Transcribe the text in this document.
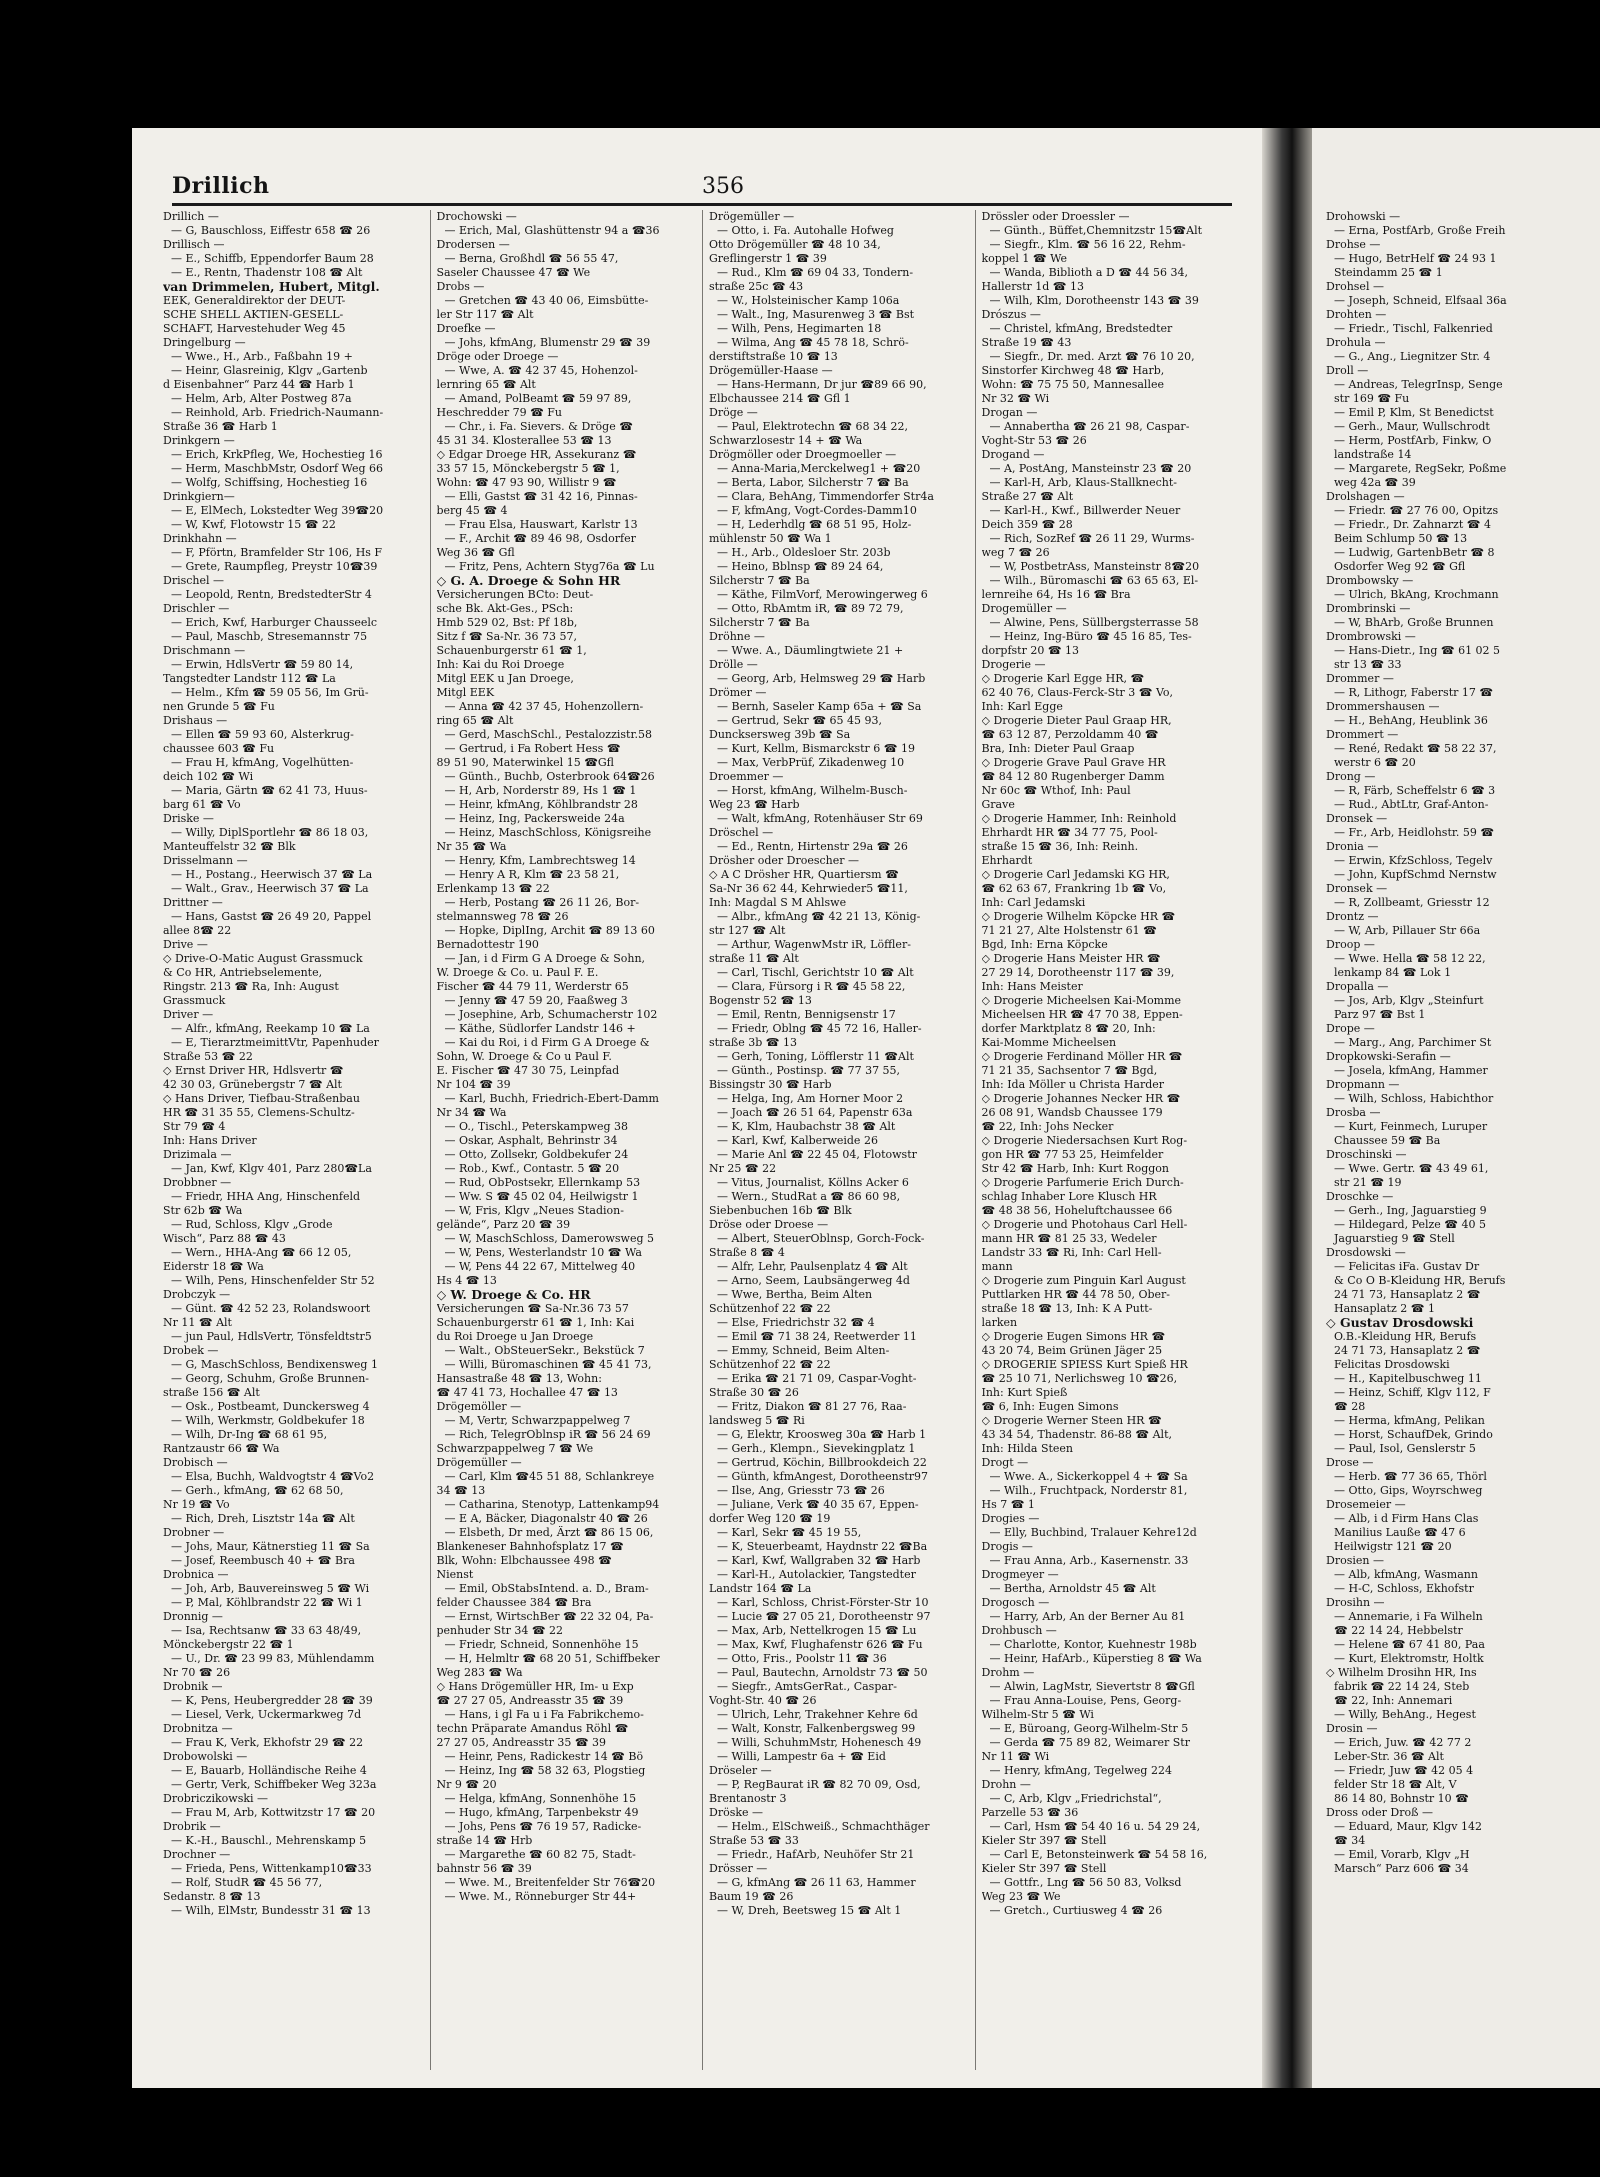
Drillich	356
Drillich —
— G, Bauschloss, Eiffestr 658 ☎ 26
Drillisch —
— E., Schiffb, Eppendorfer Baum 28
— E., Rentn, Thadenstr 108 ☎ Alt
van Drimmelen, Hubert, Mitgl.
EEK, Generaldirektor der DEUT-
SCHE SHELL AKTIEN-GESELL-
SCHAFT, Harvestehuder Weg 45
Dringelburg —
— Wwe., H., Arb., Faßbahn 19 +
— Heinr, Glasreinig, Klgv „Gartenb
d Eisenbahner“ Parz 44 ☎ Harb 1
— Helm, Arb, Alter Postweg 87a
— Reinhold, Arb. Friedrich-Naumann-
Straße 36 ☎ Harb 1
Drinkgern —
— Erich, KrkPfleg, We, Hochestieg 16
— Herm, MaschbMstr, Osdorf Weg 66
— Wolfg, Schiffsing, Hochestieg 16
Drinkgiern—
— E, ElMech, Lokstedter Weg 39☎20
— W, Kwf, Flotowstr 15 ☎ 22
Drinkhahn —
— F, Pförtn, Bramfelder Str 106, Hs F
— Grete, Raumpfleg, Preystr 10☎39
Drischel —
— Leopold, Rentn, BredstedterStr 4
Drischler —
— Erich, Kwf, Harburger Chausseelc
— Paul, Maschb, Stresemannstr 75
Drischmann —
— Erwin, HdlsVertr ☎ 59 80 14,
Tangstedter Landstr 112 ☎ La
— Helm., Kfm ☎ 59 05 56, Im Grü-
nen Grunde 5 ☎ Fu
Drishaus —
— Ellen ☎ 59 93 60, Alsterkrug-
chaussee 603 ☎ Fu
— Frau H, kfmAng, Vogelhütten-
deich 102 ☎ Wi
— Maria, Gärtn ☎ 62 41 73, Huus-
barg 61 ☎ Vo
Driske —
— Willy, DiplSportlehr ☎ 86 18 03,
Manteuffelstr 32 ☎ Blk
Drisselmann —
— H., Postang., Heerwisch 37 ☎ La
— Walt., Grav., Heerwisch 37 ☎ La
Drittner —
— Hans, Gastst ☎ 26 49 20, Pappel
allee 8☎ 22
Drive —
◇ Drive-O-Matic August Grassmuck
& Co HR, Antriebselemente,
Ringstr. 213 ☎ Ra, Inh: August
Grassmuck
Driver —
— Alfr., kfmAng, Reekamp 10 ☎ La
— E, TierarztmeimittVtr, Papenhuder
Straße 53 ☎ 22
◇ Ernst Driver HR, Hdlsvertr ☎
42 30 03, Grünebergstr 7 ☎ Alt
◇ Hans Driver, Tiefbau-Straßenbau
HR ☎ 31 35 55, Clemens-Schultz-
Str 79 ☎ 4
Inh: Hans Driver
Drizimala —
— Jan, Kwf, Klgv 401, Parz 280☎La
Drobbner —
— Friedr, HHA Ang, Hinschenfeld
Str 62b ☎ Wa
— Rud, Schloss, Klgv „Grode
Wisch“, Parz 88 ☎ 43
— Wern., HHA-Ang ☎ 66 12 05,
Eiderstr 18 ☎ Wa
— Wilh, Pens, Hinschenfelder Str 52
Drobczyk —
— Günt. ☎ 42 52 23, Rolandswoort
Nr 11 ☎ Alt
— jun Paul, HdlsVertr, Tönsfeldtstr5
Drobek —
— G, MaschSchloss, Bendixensweg 1
— Georg, Schuhm, Große Brunnen-
straße 156 ☎ Alt
— Osk., Postbeamt, Dunckersweg 4
— Wilh, Werkmstr, Goldbekufer 18
— Wilh, Dr-Ing ☎ 68 61 95,
Rantzaustr 66 ☎ Wa
Drobisch —
— Elsa, Buchh, Waldvogtstr 4 ☎Vo2
— Gerh., kfmAng, ☎ 62 68 50,
Nr 19 ☎ Vo
— Rich, Dreh, Lisztstr 14a ☎ Alt
Drobner —
— Johs, Maur, Kätnerstieg 11 ☎ Sa
— Josef, Reembusch 40 + ☎ Bra
Drobnica —
— Joh, Arb, Bauvereinsweg 5 ☎ Wi
— P, Mal, Köhlbrandstr 22 ☎ Wi 1
Dronnig —
— Isa, Rechtsanw ☎ 33 63 48/49,
Mönckebergstr 22 ☎ 1
— U., Dr. ☎ 23 99 83, Mühlendamm
Nr 70 ☎ 26
Drobnik —
— K, Pens, Heubergredder 28 ☎ 39
— Liesel, Verk, Uckermarkweg 7d
Drobnitza —
— Frau K, Verk, Ekhofstr 29 ☎ 22
Drobowolski —
— E, Bauarb, Holländische Reihe 4
— Gertr, Verk, Schiffbeker Weg 323a
Drobriczikowski —
— Frau M, Arb, Kottwitzstr 17 ☎ 20
Drobrik —
— K.-H., Bauschl., Mehrenskamp 5
Drochner —
— Frieda, Pens, Wittenkamp10☎33
— Rolf, StudR ☎ 45 56 77,
Sedanstr. 8 ☎ 13
— Wilh, ElMstr, Bundesstr 31 ☎ 13
Drochowski —
— Erich, Mal, Glashüttenstr 94 a ☎36
Drodersen —
— Berna, Großhdl ☎ 56 55 47,
Saseler Chaussee 47 ☎ We
Drobs —
— Gretchen ☎ 43 40 06, Eimsbütte-
ler Str 117 ☎ Alt
Droefke —
— Johs, kfmAng, Blumenstr 29 ☎ 39
Dröge oder Droege —
— Wwe, A. ☎ 42 37 45, Hohenzol-
lernring 65 ☎ Alt
— Amand, PolBeamt ☎ 59 97 89,
Heschredder 79 ☎ Fu
— Chr., i. Fa. Sievers. & Dröge ☎
45 31 34. Klosterallee 53 ☎ 13
◇ Edgar Droege HR, Assekuranz ☎
33 57 15, Mönckebergstr 5 ☎ 1,
Wohn: ☎ 47 93 90, Willistr 9 ☎
— Elli, Gastst ☎ 31 42 16, Pinnas-
berg 45 ☎ 4
— Frau Elsa, Hauswart, Karlstr 13
— F., Archit ☎ 89 46 98, Osdorfer
Weg 36 ☎ Gfl
— Fritz, Pens, Achtern Styg76a ☎ Lu
◇ G. A. Droege & Sohn HR
Versicherungen BCto: Deut-
sche Bk. Akt-Ges., PSch:
Hmb 529 02, Bst: Pf 18b,
Sitz f ☎ Sa-Nr. 36 73 57,
Schauenburgerstr 61 ☎ 1,
Inh: Kai du Roi Droege
Mitgl EEK u Jan Droege,
Mitgl EEK
— Anna ☎ 42 37 45, Hohenzollern-
ring 65 ☎ Alt
— Gerd, MaschSchl., Pestalozzistr.58
— Gertrud, i Fa Robert Hess ☎
89 51 90, Materwinkel 15 ☎Gfl
— Günth., Buchb, Osterbrook 64☎26
— H, Arb, Norderstr 89, Hs 1 ☎ 1
— Heinr, kfmAng, Köhlbrandstr 28
— Heinz, Ing, Packersweide 24a
— Heinz, MaschSchloss, Königsreihe
Nr 35 ☎ Wa
— Henry, Kfm, Lambrechtsweg 14
— Henry A R, Klm ☎ 23 58 21,
Erlenkamp 13 ☎ 22
— Herb, Postang ☎ 26 11 26, Bor-
stelmannsweg 78 ☎ 26
— Hopke, DiplIng, Archit ☎ 89 13 60
Bernadottestr 190
— Jan, i d Firm G A Droege & Sohn,
W. Droege & Co. u. Paul F. E.
Fischer ☎ 44 79 11, Werderstr 65
— Jenny ☎ 47 59 20, Faaßweg 3
— Josephine, Arb, Schumacherstr 102
— Käthe, Südlorfer Landstr 146 +
— Kai du Roi, i d Firm G A Droege &
Sohn, W. Droege & Co u Paul F.
E. Fischer ☎ 47 30 75, Leinpfad
Nr 104 ☎ 39
— Karl, Buchh, Friedrich-Ebert-Damm
Nr 34 ☎ Wa
— O., Tischl., Peterskampweg 38
— Oskar, Asphalt, Behrinstr 34
— Otto, Zollsekr, Goldbekufer 24
— Rob., Kwf., Contastr. 5 ☎ 20
— Rud, ObPostsekr, Ellernkamp 53
— Ww. S ☎ 45 02 04, Heilwigstr 1
— W, Fris, Klgv „Neues Stadion-
gelände“, Parz 20 ☎ 39
— W, MaschSchloss, Damerowsweg 5
— W, Pens, Westerlandstr 10 ☎ Wa
— W, Pens 44 22 67, Mittelweg 40
Hs 4 ☎ 13
◇ W. Droege & Co. HR
Versicherungen ☎ Sa-Nr.36 73 57
Schauenburgerstr 61 ☎ 1, Inh: Kai
du Roi Droege u Jan Droege
— Walt., ObSteuerSekr., Bekstück 7
— Willi, Büromaschinen ☎ 45 41 73,
Hansastraße 48 ☎ 13, Wohn:
☎ 47 41 73, Hochallee 47 ☎ 13
Drögemöller —
— M, Vertr, Schwarzpappelweg 7
— Rich, TelegrOblnsp iR ☎ 56 24 69
Schwarzpappelweg 7 ☎ We
Drögemüller —
— Carl, Klm ☎45 51 88, Schlankreye
34 ☎ 13
— Catharina, Stenotyp, Lattenkamp94
— E A, Bäcker, Diagonalstr 40 ☎ 26
— Elsbeth, Dr med, Ärzt ☎ 86 15 06,
Blankeneser Bahnhofsplatz 17 ☎
Blk, Wohn: Elbchaussee 498 ☎
Nienst
— Emil, ObStabsIntend. a. D., Bram-
felder Chaussee 384 ☎ Bra
— Ernst, WirtschBer ☎ 22 32 04, Pa-
penhuder Str 34 ☎ 22
— Friedr, Schneid, Sonnenhöhe 15
— H, Helmltr ☎ 68 20 51, Schiffbeker
Weg 283 ☎ Wa
◇ Hans Drögemüller HR, Im- u Exp
☎ 27 27 05, Andreasstr 35 ☎ 39
— Hans, i gl Fa u i Fa Fabrikchemo-
techn Präparate Amandus Röhl ☎
27 27 05, Andreasstr 35 ☎ 39
— Heinr, Pens, Radickestr 14 ☎ Bö
— Heinz, Ing ☎ 58 32 63, Plogstieg
Nr 9 ☎ 20
— Helga, kfmAng, Sonnenhöhe 15
— Hugo, kfmAng, Tarpenbekstr 49
— Johs, Pens ☎ 76 19 57, Radicke-
straße 14 ☎ Hrb
— Margarethe ☎ 60 82 75, Stadt-
bahnstr 56 ☎ 39
— Wwe. M., Breitenfelder Str 76☎20
— Wwe. M., Rönneburger Str 44+
Drögemüller —
— Otto, i. Fa. Autohalle Hofweg
Otto Drögemüller ☎ 48 10 34,
Greflingerstr 1 ☎ 39
— Rud., Klm ☎ 69 04 33, Tondern-
straße 25c ☎ 43
— W., Holsteinischer Kamp 106a
— Walt., Ing, Masurenweg 3 ☎ Bst
— Wilh, Pens, Hegimarten 18
— Wilma, Ang ☎ 45 78 18, Schrö-
derstiftstraße 10 ☎ 13
Drögemüller-Haase —
— Hans-Hermann, Dr jur ☎89 66 90,
Elbchaussee 214 ☎ Gfl 1
Dröge —
— Paul, Elektrotechn ☎ 68 34 22,
Schwarzlosestr 14 + ☎ Wa
Drögmöller oder Droegmoeller —
— Anna-Maria,Merckelweg1 + ☎20
— Berta, Labor, Silcherstr 7 ☎ Ba
— Clara, BehAng, Timmendorfer Str4a
— F, kfmAng, Vogt-Cordes-Damm10
— H, Lederhdlg ☎ 68 51 95, Holz-
mühlenstr 50 ☎ Wa 1
— H., Arb., Oldesloer Str. 203b
— Heino, Bblnsp ☎ 89 24 64,
Silcherstr 7 ☎ Ba
— Käthe, FilmVorf, Merowingerweg 6
— Otto, RbAmtm iR, ☎ 89 72 79,
Silcherstr 7 ☎ Ba
Dröhne —
— Wwe. A., Däumlingtwiete 21 +
Drölle —
— Georg, Arb, Helmsweg 29 ☎ Harb
Drömer —
— Bernh, Saseler Kamp 65a + ☎ Sa
— Gertrud, Sekr ☎ 65 45 93,
Duncksersweg 39b ☎ Sa
— Kurt, Kellm, Bismarckstr 6 ☎ 19
— Max, VerbPrüf, Zikadenweg 10
Droemmer —
— Horst, kfmAng, Wilhelm-Busch-
Weg 23 ☎ Harb
— Walt, kfmAng, Rotenhäuser Str 69
Dröschel —
— Ed., Rentn, Hirtenstr 29a ☎ 26
Drösher oder Droescher —
◇ A C Drösher HR, Quartiersm ☎
Sa-Nr 36 62 44, Kehrwieder5 ☎11,
Inh: Magdal S M Ahlswe
— Albr., kfmAng ☎ 42 21 13, König-
str 127 ☎ Alt
— Arthur, WagenwMstr iR, Löffler-
straße 11 ☎ Alt
— Carl, Tischl, Gerichtstr 10 ☎ Alt
— Clara, Fürsorg i R ☎ 45 58 22,
Bogenstr 52 ☎ 13
— Emil, Rentn, Bennigsenstr 17
— Friedr, Oblng ☎ 45 72 16, Haller-
straße 3b ☎ 13
— Gerh, Toning, Löfflerstr 11 ☎Alt
— Günth., Postinsp. ☎ 77 37 55,
Bissingstr 30 ☎ Harb
— Helga, Ing, Am Horner Moor 2
— Joach ☎ 26 51 64, Papenstr 63a
— K, Klm, Haubachstr 38 ☎ Alt
— Karl, Kwf, Kalberweide 26
— Marie Anl ☎ 22 45 04, Flotowstr
Nr 25 ☎ 22
— Vitus, Journalist, Köllns Acker 6
— Wern., StudRat a ☎ 86 60 98,
Siebenbuchen 16b ☎ Blk
Dröse oder Droese —
— Albert, SteuerOblnsp, Gorch-Fock-
Straße 8 ☎ 4
— Alfr, Lehr, Paulsenplatz 4 ☎ Alt
— Arno, Seem, Laubsängerweg 4d
— Wwe, Bertha, Beim Alten
Schützenhof 22 ☎ 22
— Else, Friedrichstr 32 ☎ 4
— Emil ☎ 71 38 24, Reetwerder 11
— Emmy, Schneid, Beim Alten-
Schützenhof 22 ☎ 22
— Erika ☎ 21 71 09, Caspar-Voght-
Straße 30 ☎ 26
— Fritz, Diakon ☎ 81 27 76, Raa-
landsweg 5 ☎ Ri
— G, Elektr, Kroosweg 30a ☎ Harb 1
— Gerh., Klempn., Sievekingplatz 1
— Gertrud, Köchin, Billbrookdeich 22
— Günth, kfmAngest, Dorotheenstr97
— Ilse, Ang, Griesstr 73 ☎ 26
— Juliane, Verk ☎ 40 35 67, Eppen-
dorfer Weg 120 ☎ 19
— Karl, Sekr ☎ 45 19 55,
— K, Steuerbeamt, Haydnstr 22 ☎Ba
— Karl, Kwf, Wallgraben 32 ☎ Harb
— Karl-H., Autolackier, Tangstedter
Landstr 164 ☎ La
— Karl, Schloss, Christ-Förster-Str 10
— Lucie ☎ 27 05 21, Dorotheenstr 97
— Max, Arb, Nettelkrogen 15 ☎ Lu
— Max, Kwf, Flughafenstr 626 ☎ Fu
— Otto, Fris., Poolstr 11 ☎ 36
— Paul, Bautechn, Arnoldstr 73 ☎ 50
— Siegfr., AmtsGerRat., Caspar-
Voght-Str. 40 ☎ 26
— Ulrich, Lehr, Trakehner Kehre 6d
— Walt, Konstr, Falkenbergsweg 99
— Willi, SchuhmMstr, Hohenesch 49
— Willi, Lampestr 6a + ☎ Eid
Dröseler —
— P, RegBaurat iR ☎ 82 70 09, Osd,
Brentanostr 3
Dröske —
— Helm., ElSchweiß., Schmachthäger
Straße 53 ☎ 33
— Friedr., HafArb, Neuhöfer Str 21
Drösser —
— G, kfmAng ☎ 26 11 63, Hammer
Baum 19 ☎ 26
— W, Dreh, Beetsweg 15 ☎ Alt 1
Drössler oder Droessler —
— Günth., Büffet,Chemnitzstr 15☎Alt
— Siegfr., Klm. ☎ 56 16 22, Rehm-
koppel 1 ☎ We
— Wanda, Biblioth a D ☎ 44 56 34,
Hallerstr 1d ☎ 13
— Wilh, Klm, Dorotheenstr 143 ☎ 39
Drószus —
— Christel, kfmAng, Bredstedter
Straße 19 ☎ 43
— Siegfr., Dr. med. Arzt ☎ 76 10 20,
Sinstorfer Kirchweg 48 ☎ Harb,
Wohn: ☎ 75 75 50, Mannesallee
Nr 32 ☎ Wi
Drogan —
— Annabertha ☎ 26 21 98, Caspar-
Voght-Str 53 ☎ 26
Drogand —
— A, PostAng, Mansteinstr 23 ☎ 20
— Karl-H, Arb, Klaus-Stallknecht-
Straße 27 ☎ Alt
— Karl-H., Kwf., Billwerder Neuer
Deich 359 ☎ 28
— Rich, SozRef ☎ 26 11 29, Wurms-
weg 7 ☎ 26
— W, PostbetrAss, Mansteinstr 8☎20
— Wilh., Büromaschi ☎ 63 65 63, El-
lernreihe 64, Hs 16 ☎ Bra
Drogemüller —
— Alwine, Pens, Süllbergsterrasse 58
— Heinz, Ing-Büro ☎ 45 16 85, Tes-
dorpfstr 20 ☎ 13
Drogerie —
◇ Drogerie Karl Egge HR, ☎
62 40 76, Claus-Ferck-Str 3 ☎ Vo,
Inh: Karl Egge
◇ Drogerie Dieter Paul Graap HR,
☎ 63 12 87, Perzoldamm 40 ☎
Bra, Inh: Dieter Paul Graap
◇ Drogerie Grave Paul Grave HR
☎ 84 12 80 Rugenberger Damm
Nr 60c ☎ Wthof, Inh: Paul
Grave
◇ Drogerie Hammer, Inh: Reinhold
Ehrhardt HR ☎ 34 77 75, Pool-
straße 15 ☎ 36, Inh: Reinh.
Ehrhardt
◇ Drogerie Carl Jedamski KG HR,
☎ 62 63 67, Frankring 1b ☎ Vo,
Inh: Carl Jedamski
◇ Drogerie Wilhelm Köpcke HR ☎
71 21 27, Alte Holstenstr 61 ☎
Bgd, Inh: Erna Köpcke
◇ Drogerie Hans Meister HR ☎
27 29 14, Dorotheenstr 117 ☎ 39,
Inh: Hans Meister
◇ Drogerie Micheelsen Kai-Momme
Micheelsen HR ☎ 47 70 38, Eppen-
dorfer Marktplatz 8 ☎ 20, Inh:
Kai-Momme Micheelsen
◇ Drogerie Ferdinand Möller HR ☎
71 21 35, Sachsentor 7 ☎ Bgd,
Inh: Ida Möller u Christa Harder
◇ Drogerie Johannes Necker HR ☎
26 08 91, Wandsb Chaussee 179
☎ 22, Inh: Johs Necker
◇ Drogerie Niedersachsen Kurt Rog-
gon HR ☎ 77 53 25, Heimfelder
Str 42 ☎ Harb, Inh: Kurt Roggon
◇ Drogerie Parfumerie Erich Durch-
schlag Inhaber Lore Klusch HR
☎ 48 38 56, Hoheluftchaussee 66
◇ Drogerie und Photohaus Carl Hell-
mann HR ☎ 81 25 33, Wedeler
Landstr 33 ☎ Ri, Inh: Carl Hell-
mann
◇ Drogerie zum Pinguin Karl August
Puttlarken HR ☎ 44 78 50, Ober-
straße 18 ☎ 13, Inh: K A Putt-
larken
◇ Drogerie Eugen Simons HR ☎
43 20 74, Beim Grünen Jäger 25
◇ DROGERIE SPIESS Kurt Spieß HR
☎ 25 10 71, Nerlichsweg 10 ☎26,
Inh: Kurt Spieß
☎ 6, Inh: Eugen Simons
◇ Drogerie Werner Steen HR ☎
43 34 54, Thadenstr. 86-88 ☎ Alt,
Inh: Hilda Steen
Drogt —
— Wwe. A., Sickerkoppel 4 + ☎ Sa
— Wilh., Fruchtpack, Norderstr 81,
Hs 7 ☎ 1
Drogies —
— Elly, Buchbind, Tralauer Kehre12d
Drogis —
— Frau Anna, Arb., Kasernenstr. 33
Drogmeyer —
— Bertha, Arnoldstr 45 ☎ Alt
Drogosch —
— Harry, Arb, An der Berner Au 81
Drohbusch —
— Charlotte, Kontor, Kuehnestr 198b
— Heinr, HafArb., Küperstieg 8 ☎ Wa
Drohm —
— Alwin, LagMstr, Sievertstr 8 ☎Gfl
— Frau Anna-Louise, Pens, Georg-
Wilhelm-Str 5 ☎ Wi
— E, Büroang, Georg-Wilhelm-Str 5
— Gerda ☎ 75 89 82, Weimarer Str
Nr 11 ☎ Wi
— Henry, kfmAng, Tegelweg 224
Drohn —
— C, Arb, Klgv „Friedrichstal“,
Parzelle 53 ☎ 36
— Carl, Hsm ☎ 54 40 16 u. 54 29 24,
Kieler Str 397 ☎ Stell
— Carl E, Betonsteinwerk ☎ 54 58 16,
Kieler Str 397 ☎ Stell
— Gottfr., Lng ☎ 56 50 83, Volksd
Weg 23 ☎ We
— Gretch., Curtiusweg 4 ☎ 26
Drohowski —
— Erna, PostfArb, Große Freih
Drohse —
— Hugo, BetrHelf ☎ 24 93 1
Steindamm 25 ☎ 1
Drohsel —
— Joseph, Schneid, Elfsaal 36a
Drohten —
— Friedr., Tischl, Falkenried
Drohula —
— G., Ang., Liegnitzer Str. 4
Droll —
— Andreas, TelegrInsp, Senge
str 169 ☎ Fu
— Emil P, Klm, St Benedictst
— Gerh., Maur, Wullschrodt
— Herm, PostfArb, Finkw, O
landstraße 14
— Margarete, RegSekr, Poßme
weg 42a ☎ 39
Drolshagen —
— Friedr. ☎ 27 76 00, Opitzs
— Friedr., Dr. Zahnarzt ☎ 4
Beim Schlump 50 ☎ 13
— Ludwig, GartenbBetr ☎ 8
Osdorfer Weg 92 ☎ Gfl
Drombowsky —
— Ulrich, BkAng, Krochmann
Drombrinski —
— W, BhArb, Große Brunnen
Drombrowski —
— Hans-Dietr., Ing ☎ 61 02 5
str 13 ☎ 33
Drommer —
— R, Lithogr, Faberstr 17 ☎
Drommershausen —
— H., BehAng, Heublink 36
Drommert —
— René, Redakt ☎ 58 22 37,
werstr 6 ☎ 20
Drong —
— R, Färb, Scheffelstr 6 ☎ 3
— Rud., AbtLtr, Graf-Anton-
Dronsek —
— Fr., Arb, Heidlohstr. 59 ☎
Dronia —
— Erwin, KfzSchloss, Tegelv
— John, KupfSchmd Nernstw
Dronsek —
— R, Zollbeamt, Griesstr 12
Drontz —
— W, Arb, Pillauer Str 66a
Droop —
— Wwe. Hella ☎ 58 12 22,
lenkamp 84 ☎ Lok 1
Dropalla —
— Jos, Arb, Klgv „Steinfurt
Parz 97 ☎ Bst 1
Drope —
— Marg., Ang, Parchimer St
Dropkowski-Serafin —
— Josela, kfmAng, Hammer
Dropmann —
— Wilh, Schloss, Habichthor
Drosba —
— Kurt, Feinmech, Luruper
Chaussee 59 ☎ Ba
Droschinski —
— Wwe. Gertr. ☎ 43 49 61,
str 21 ☎ 19
Droschke —
— Gerh., Ing, Jaguarstieg 9
— Hildegard, Pelze ☎ 40 5
Jaguarstieg 9 ☎ Stell
Drosdowski —
— Felicitas iFa. Gustav Dr
& Co O B-Kleidung HR, Berufs
24 71 73, Hansaplatz 2 ☎
Hansaplatz 2 ☎ 1
◇ Gustav Drosdowski
O.B.-Kleidung HR, Berufs
24 71 73, Hansaplatz 2 ☎
Felicitas Drosdowski
— H., Kapitelbuschweg 11
— Heinz, Schiff, Klgv 112, F
☎ 28
— Herma, kfmAng, Pelikan
— Horst, SchaufDek, Grindo
— Paul, Isol, Genslerstr 5
Drose —
— Herb. ☎ 77 36 65, Thörl
— Otto, Gips, Woyrschweg
Drosemeier —
— Alb, i d Firm Hans Clas
Manilius Lauße ☎ 47 6
Heilwigstr 121 ☎ 20
Drosien —
— Alb, kfmAng, Wasmann
— H-C, Schloss, Ekhofstr
Drosihn —
— Annemarie, i Fa Wilheln
☎ 22 14 24, Hebbelstr
— Helene ☎ 67 41 80, Paa
— Kurt, Elektromstr, Holtk
◇ Wilhelm Drosihn HR, Ins
fabrik ☎ 22 14 24, Steb
☎ 22, Inh: Annemari
— Willy, BehAng., Hegest
Drosin —
— Erich, Juw. ☎ 42 77 2
Leber-Str. 36 ☎ Alt
— Friedr, Juw ☎ 42 05 4
felder Str 18 ☎ Alt, V
86 14 80, Bohnstr 10 ☎
Dross oder Droß —
— Eduard, Maur, Klgv 142
☎ 34
— Emil, Vorarb, Klgv „H
Marsch“ Parz 606 ☎ 34
